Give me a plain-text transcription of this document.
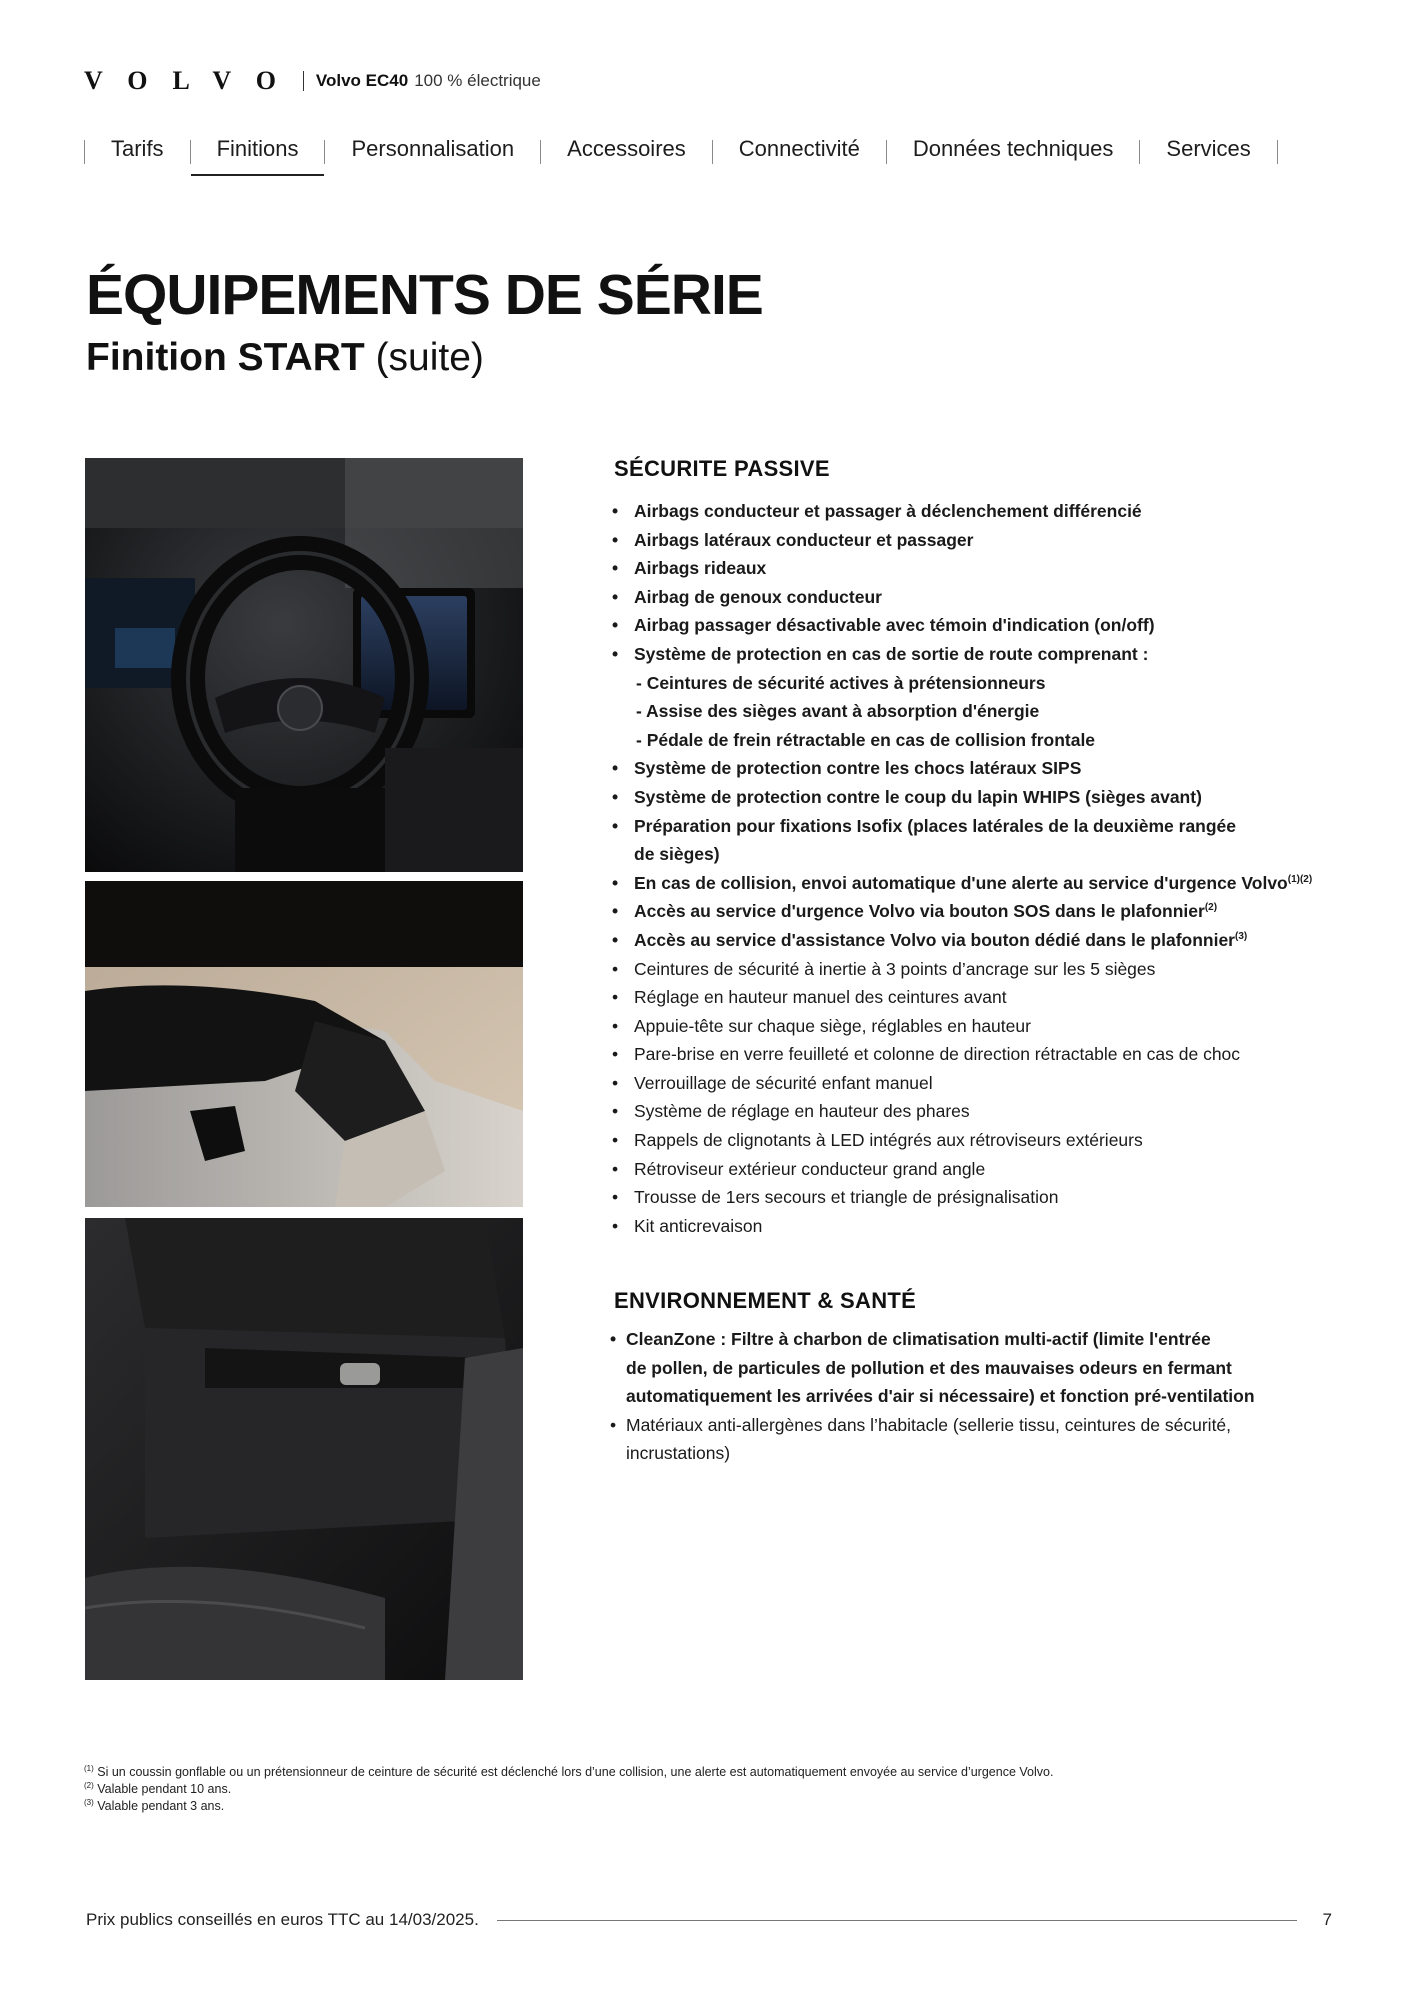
VOLVO Volvo EC40 100 % électrique
Tarifs	Finitions	Personnalisation	Accessoires	Connectivité	Données techniques	Services
ÉQUIPEMENTS DE SÉRIE
Finition START (suite)
SÉCURITE PASSIVE
• Airbags conducteur et passager à déclenchement différencié
• Airbags latéraux conducteur et passager
• Airbags rideaux
• Airbag de genoux conducteur
• Airbag passager désactivable avec témoin d'indication (on/off)
• Système de protection en cas de sortie de route comprenant :
- Ceintures de sécurité actives à prétensionneurs
- Assise des sièges avant à absorption d'énergie
- Pédale de frein rétractable en cas de collision frontale
• Système de protection contre les chocs latéraux SIPS
• Système de protection contre le coup du lapin WHIPS (sièges avant)
• Préparation pour fixations Isofix (places latérales de la deuxième rangée
de sièges)
• En cas de collision, envoi automatique d'une alerte au service d'urgence Volvo$^{(1)(2)}$
• Accès au service d'urgence Volvo via bouton SOS dans le plafonnier$^{(2)}$
• Accès au service d'assistance Volvo via bouton dédié dans le plafonnier$^{(3)}$
• Ceintures de sécurité à inertie à 3 points d’ancrage sur les 5 sièges
• Réglage en hauteur manuel des ceintures avant
• Appuie-tête sur chaque siège, réglables en hauteur
• Pare-brise en verre feuilleté et colonne de direction rétractable en cas de choc
• Verrouillage de sécurité enfant manuel
• Système de réglage en hauteur des phares
• Rappels de clignotants à LED intégrés aux rétroviseurs extérieurs
• Rétroviseur extérieur conducteur grand angle
• Trousse de 1ers secours et triangle de présignalisation
• Kit anticrevaison
ENVIRONNEMENT & SANTÉ
• CleanZone : Filtre à charbon de climatisation multi-actif (limite l'entrée
de pollen, de particules de pollution et des mauvaises odeurs en fermant
automatiquement les arrivées d'air si nécessaire) et fonction pré-ventilation
• Matériaux anti-allergènes dans l’habitacle (sellerie tissu, ceintures de sécurité,
incrustations)
$^{(1)}$ Si un coussin gonflable ou un prétensionneur de ceinture de sécurité est déclenché lors d’une collision, une alerte est automatiquement envoyée au service d’urgence Volvo.
$^{(2)}$ Valable pendant 10 ans.
$^{(3)}$ Valable pendant 3 ans.
Prix publics conseillés en euros TTC au 14/03/2025.	7
